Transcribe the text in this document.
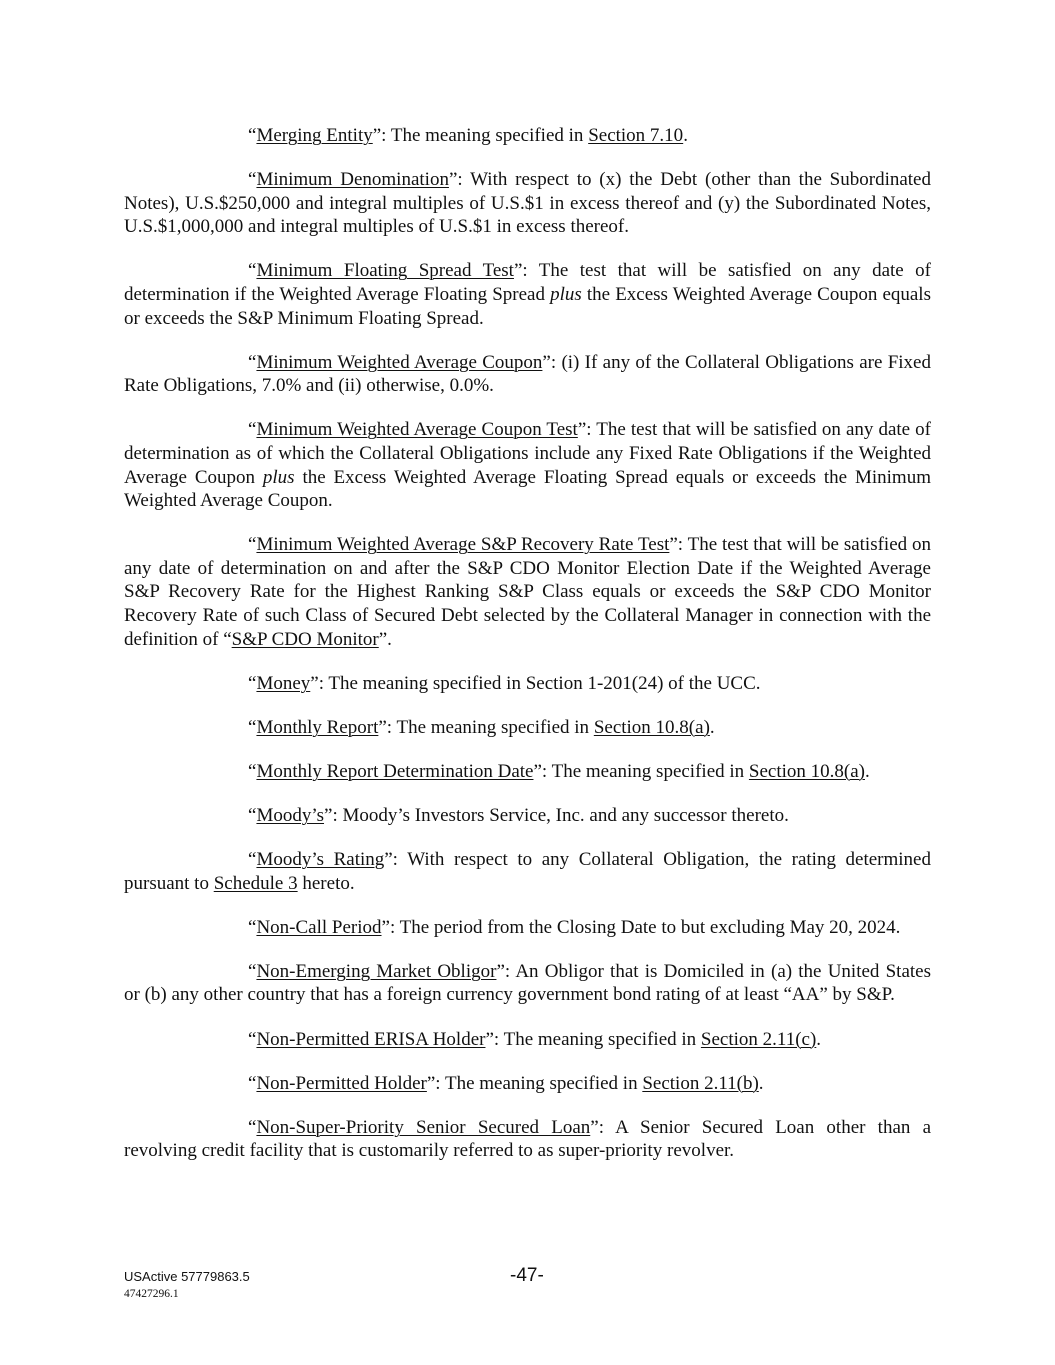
“Merging Entity”: The meaning specified in Section 7.10.

“Minimum Denomination”: With respect to (x) the Debt (other than the Subordinated Notes), U.S.$250,000 and integral multiples of U.S.$1 in excess thereof and (y) the Subordinated Notes, U.S.$1,000,000 and integral multiples of U.S.$1 in excess thereof.

“Minimum Floating Spread Test”: The test that will be satisfied on any date of determination if the Weighted Average Floating Spread plus the Excess Weighted Average Coupon equals or exceeds the S&P Minimum Floating Spread.

“Minimum Weighted Average Coupon”: (i) If any of the Collateral Obligations are Fixed Rate Obligations, 7.0% and (ii) otherwise, 0.0%.

“Minimum Weighted Average Coupon Test”: The test that will be satisfied on any date of determination as of which the Collateral Obligations include any Fixed Rate Obligations if the Weighted Average Coupon plus the Excess Weighted Average Floating Spread equals or exceeds the Minimum Weighted Average Coupon.

“Minimum Weighted Average S&P Recovery Rate Test”: The test that will be satisfied on any date of determination on and after the S&P CDO Monitor Election Date if the Weighted Average S&P Recovery Rate for the Highest Ranking S&P Class equals or exceeds the S&P CDO Monitor Recovery Rate of such Class of Secured Debt selected by the Collateral Manager in connection with the definition of “S&P CDO Monitor”.

“Money”: The meaning specified in Section 1-201(24) of the UCC.

“Monthly Report”: The meaning specified in Section 10.8(a).

“Monthly Report Determination Date”: The meaning specified in Section 10.8(a).

“Moody’s”: Moody’s Investors Service, Inc. and any successor thereto.

“Moody’s Rating”: With respect to any Collateral Obligation, the rating determined pursuant to Schedule 3 hereto.

“Non-Call Period”: The period from the Closing Date to but excluding May 20, 2024.

“Non-Emerging Market Obligor”: An Obligor that is Domiciled in (a) the United States or (b) any other country that has a foreign currency government bond rating of at least “AA” by S&P.

“Non-Permitted ERISA Holder”: The meaning specified in Section 2.11(c).

“Non-Permitted Holder”: The meaning specified in Section 2.11(b).

“Non-Super-Priority Senior Secured Loan”: A Senior Secured Loan other than a revolving credit facility that is customarily referred to as super-priority revolver.

USActive 57779863.5
47427296.1
-47-
